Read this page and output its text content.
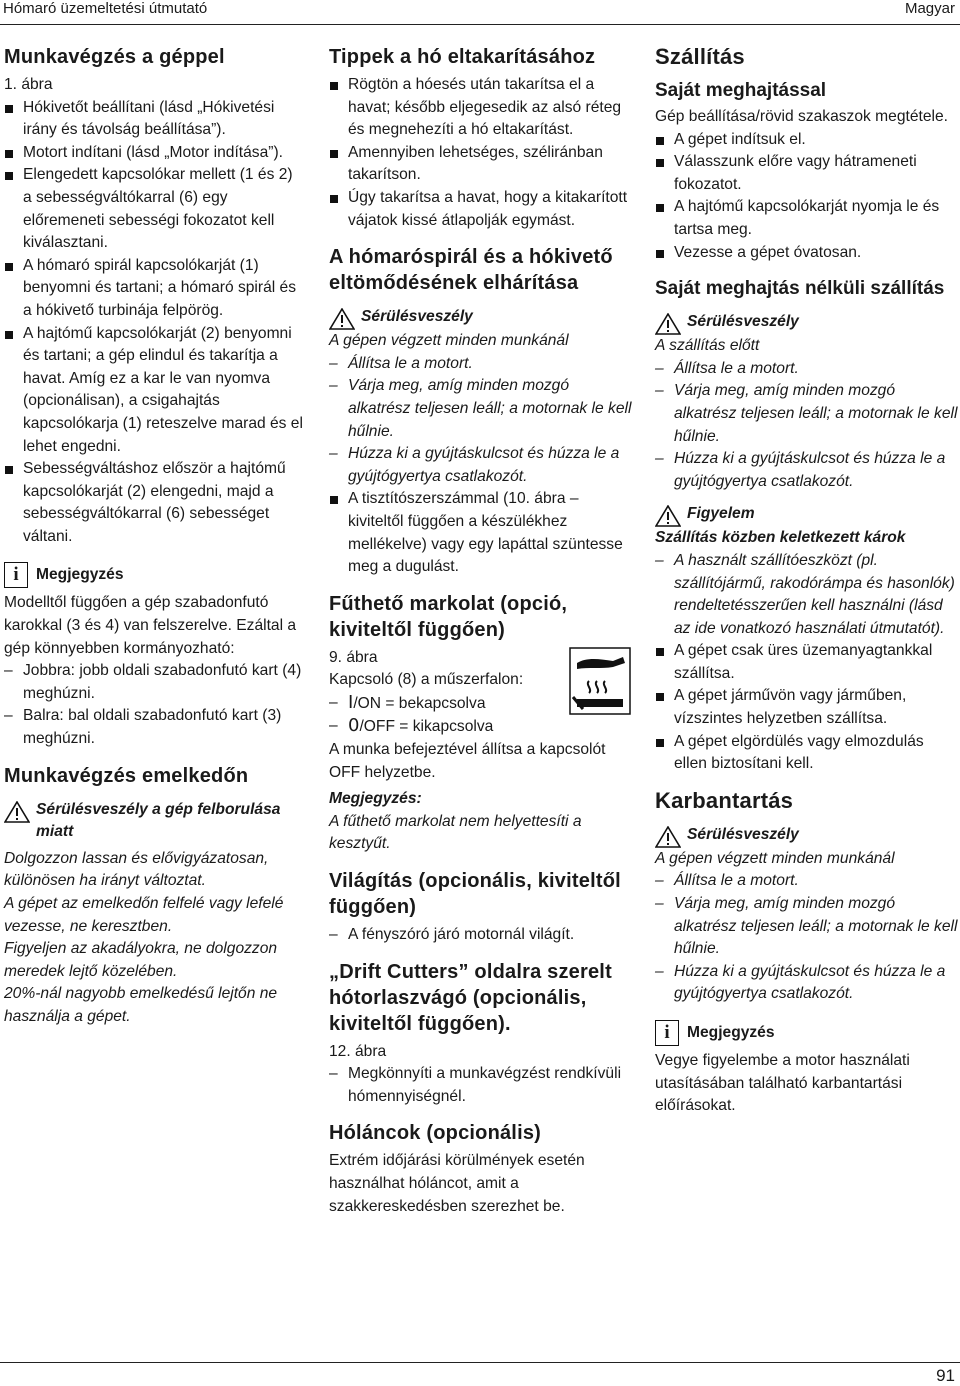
Hómaró üzemeltetési útmutató	Magyar
Munkavégzés a géppel

1. ábra

Hókivetőt beállítani (lásd „Hókivetési irány és távolság beállítása”).

Motort indítani (lásd „Motor indítása”).

Elengedett kapcsolókar mellett (1 és 2) a sebességváltókarral (6) egy előremeneti sebességi fokozatot kell kiválasztani.

A hómaró spirál kapcsolókarját (1) benyomni és tartani; a hómaró spirál és a hókivető turbinája felpörög.

A hajtómű kapcsolókarját (2) benyomni és tartani; a gép elindul és takarítja a havat. Amíg ez a kar le van nyomva (opcionálisan), a csigahajtás kapcsolókarja (1) reteszelve marad és el lehet engedni.

Sebességváltáshoz először a hajtómű kapcsolókarját (2) elengedni, majd a sebességváltókarral (6) sebességet váltani.

i	Megjegyzés

Modelltől függően a gép szabadonfutó karokkal (3 és 4) van felszerelve. Ezáltal a gép könnyebben kormányozható:

– Jobbra: jobb oldali szabadonfutó kart (4) meghúzni.

– Balra: bal oldali szabadonfutó kart (3) meghúzni.

Munkavégzés emelkedőn
Sérülésveszély a gép felborulása miatt

Dolgozzon lassan és elővigyázatosan, különösen ha irányt változtat.

A gépet az emelkedőn felfelé vagy lefelé vezesse, ne keresztben.

Figyeljen az akadályokra, ne dolgozzon meredek lejtő közelében.

20%-nál nagyobb emelkedésű lejtőn ne használja a gépet.

Tippek a hó eltakarításához

Rögtön a hóesés után takarítsa el a havat; később eljegesedik az alsó réteg és megnehezíti a hó eltakarítást.

Amennyiben lehetséges, széliránban takarítson.

Úgy takarítsa a havat, hogy a kitakarított vájatok kissé átlapolják egymást.

A hómaróspirál és a hókivető eltömődésének elhárítása
Sérülésveszély

A gépen végzett minden munkánál

– Állítsa le a motort.

– Várja meg, amíg minden mozgó alkatrész teljesen leáll; a motornak le kell hűlnie.

– Húzza ki a gyújtáskulcsot és húzza le a gyújtógyertya csatlakozót.

A tisztítószerszámmal (10. ábra – kiviteltől függően a készülékhez mellékelve) vagy egy lapáttal szüntesse meg a dugulást.

Fűthető markolat (opció, kiviteltől függően)

9. ábra

Kapcsoló (8) a műszerfalon:

– I/ON = bekapcsolva

– 0/OFF = kikapcsolva

A munka befejeztével állítsa a kapcsolót OFF helyzetbe.

Megjegyzés:

A fűthető markolat nem helyettesíti a kesztyűt.

Világítás (opcionális, kiviteltől függően)

– A fényszóró járó motornál világít.

„Drift Cutters” oldalra szerelt hótorlaszvágó (opcionális, kiviteltől függően).

12. ábra

– Megkönnyíti a munkavégzést rendkívüli hómennyiségnél.

Hóláncok (opcionális)

Extrém időjárási körülmények esetén használhat hóláncot, amit a szakkereskedésben szerezhet be.

Szállítás
Saját meghajtással

Gép beállítása/rövid szakaszok megtétele.

A gépet indítsuk el.

Válasszunk előre vagy hátrameneti fokozatot.

A hajtómű kapcsolókarját nyomja le és tartsa meg.

Vezesse a gépet óvatosan.

Saját meghajtás nélküli szállítás
Sérülésveszély

A szállítás előtt

– Állítsa le a motort.

– Várja meg, amíg minden mozgó alkatrész teljesen leáll; a motornak le kell hűlnie.

– Húzza ki a gyújtáskulcsot és húzza le a gyújtógyertya csatlakozót.

Figyelem

Szállítás közben keletkezett károk

– A használt szállítóeszközt (pl. szállítójármű, rakodórámpa és hasonlók) rendeltetésszerűen kell használni (lásd az ide vonatkozó használati útmutatót).

A gépet csak üres üzemanyagtankkal szállítsa.

A gépet járművön vagy járműben, vízszintes helyzetben szállítsa.

A gépet elgördülés vagy elmozdulás ellen biztosítani kell.

Karbantartás
Sérülésveszély

A gépen végzett minden munkánál

– Állítsa le a motort.

– Várja meg, amíg minden mozgó alkatrész teljesen leáll; a motornak le kell hűlnie.

– Húzza ki a gyújtáskulcsot és húzza le a gyújtógyertya csatlakozót.

i	Megjegyzés

Vegye figyelembe a motor használati utasításában található karbantartási előírásokat.

91
